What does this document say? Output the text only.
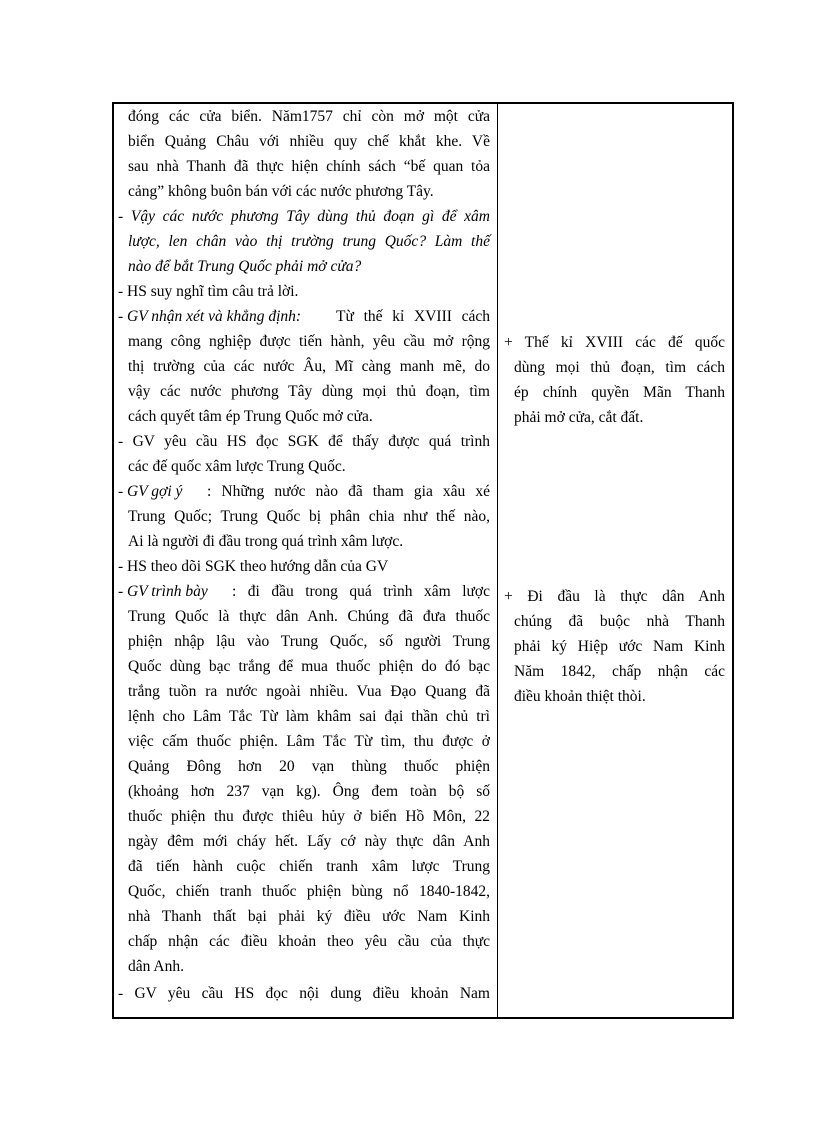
đóng các cửa biển. Năm1757 chỉ còn mở một cửa
biển Quảng Châu với nhiều quy chế khắt khe. Về
sau nhà Thanh đã thực hiện chính sách “bế quan tỏa
cảng” không buôn bán với các nước phương Tây.
- Vậy các nước phương Tây dùng thủ đoạn gì để xâm
lược, len chân vào thị trường trung Quốc? Làm thế
nào để bắt Trung Quốc phải mở cửa?
- HS suy nghĩ tìm câu trả lời.
- GV nhận xét và khẳng định: Từ thế kỉ XVIII cách
mang công nghiệp được tiến hành, yêu cầu mở rộng
thị trường của các nước Âu, Mĩ càng manh mẽ, do
vậy các nước phương Tây dùng mọi thủ đoạn, tìm
cách quyết tâm ép Trung Quốc mở cửa.
- GV yêu cầu HS đọc SGK để thấy được quá trình
các đế quốc xâm lược Trung Quốc.
- GV gợi ý : Những nước nào đã tham gia xâu xé
Trung Quốc; Trung Quốc bị phân chia như thế nào,
Ai là người đi đầu trong quá trình xâm lược.
- HS theo dõi SGK theo hướng dẫn của GV
- GV trình bày : đi đầu trong quá trình xâm lược
Trung Quốc là thực dân Anh. Chúng đã đưa thuốc
phiện nhập lậu vào Trung Quốc, số người Trung
Quốc dùng bạc trắng để mua thuốc phiện do đó bạc
trắng tuồn ra nước ngoài nhiều. Vua Đạo Quang đã
lệnh cho Lâm Tắc Từ làm khâm sai đại thần chủ trì
việc cấm thuốc phiện. Lâm Tắc Từ tìm, thu được ở
Quảng Đông hơn 20 vạn thùng thuốc phiện
(khoảng hơn 237 vạn kg). Ông đem toàn bộ số
thuốc phiện thu được thiêu hủy ở biển Hồ Môn, 22
ngày đêm mới cháy hết. Lấy cớ này thực dân Anh
đã tiến hành cuộc chiến tranh xâm lược Trung
Quốc, chiến tranh thuốc phiện bùng nổ 1840-1842,
nhà Thanh thất bại phải ký điều ước Nam Kinh
chấp nhận các điều khoản theo yêu cầu của thực
dân Anh.
- GV yêu cầu HS đọc nội dung điều khoản Nam
+ Thế kỉ XVIII các đế quốc
dùng mọi thủ đoạn, tìm cách
ép chính quyền Mãn Thanh
phải mở cửa, cắt đất.
+ Đi đầu là thực dân Anh
chúng đã buộc nhà Thanh
phải ký Hiệp ước Nam Kinh
Năm 1842, chấp nhận các
điều khoản thiệt thòi.
